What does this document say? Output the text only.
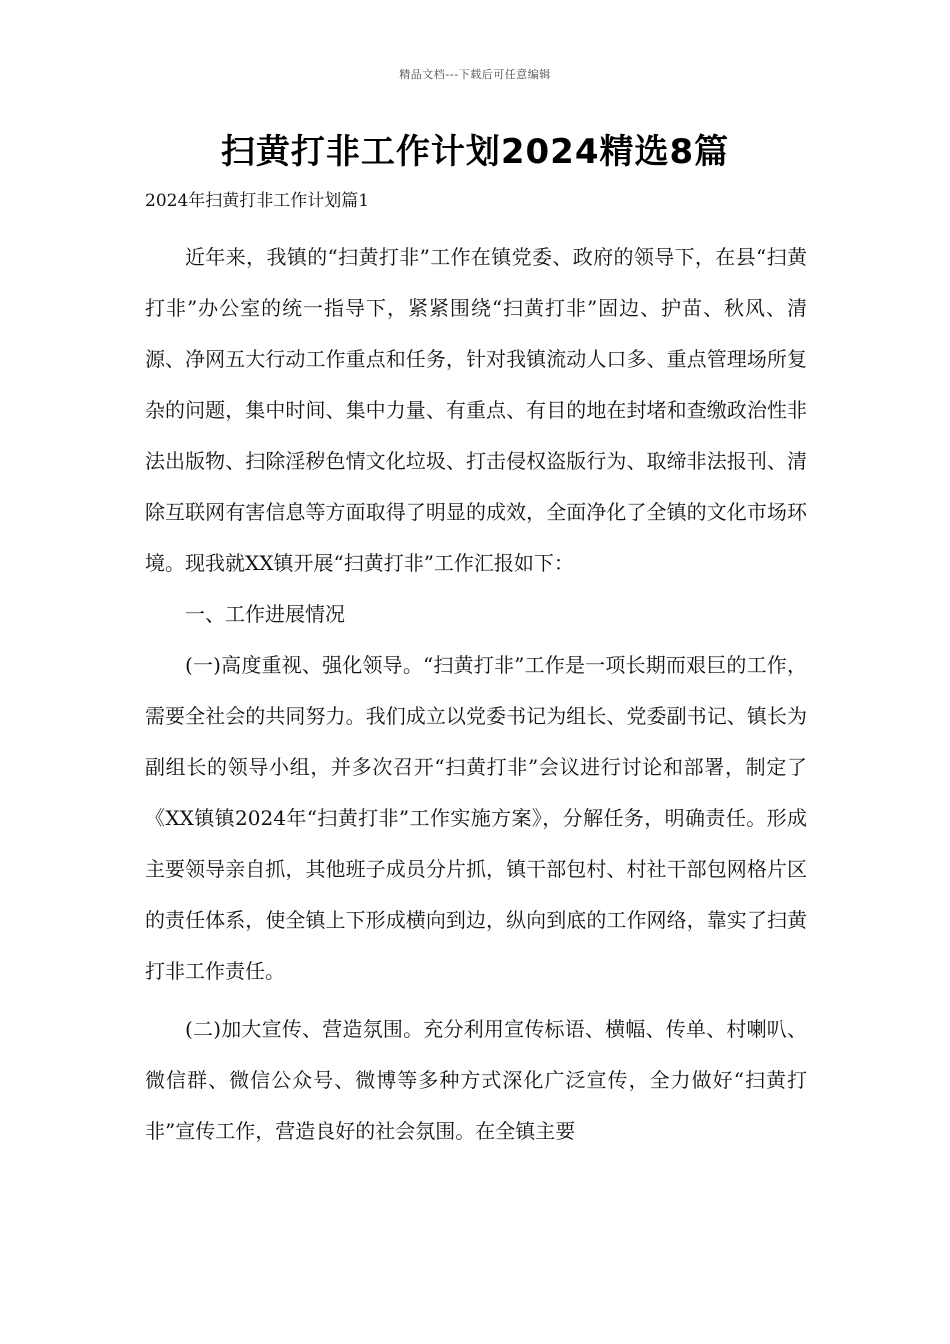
精品文档---下载后可任意编辑
扫黄打非工作计划2024精选8篇
2024年扫黄打非工作计划篇1

近年来，我镇的“扫黄打非”工作在镇党委、政府的领导下，在县“扫黄打非”办公室的统一指导下，紧紧围绕“扫黄打非”固边、护苗、秋风、清源、净网五大行动工作重点和任务，针对我镇流动人口多、重点管理场所复杂的问题，集中时间、集中力量、有重点、有目的地在封堵和查缴政治性非法出版物、扫除淫秽色情文化垃圾、打击侵权盗版行为、取缔非法报刊、清除互联网有害信息等方面取得了明显的成效，全面净化了全镇的文化市场环境。现我就XX镇开展“扫黄打非”工作汇报如下：

一、工作进展情况

(一)高度重视、强化领导。“扫黄打非”工作是一项长期而艰巨的工作，需要全社会的共同努力。我们成立以党委书记为组长、党委副书记、镇长为副组长的领导小组，并多次召开“扫黄打非”会议进行讨论和部署，制定了《XX镇镇2024年“扫黄打非”工作实施方案》，分解任务，明确责任。形成主要领导亲自抓，其他班子成员分片抓，镇干部包村、村社干部包网格片区的责任体系，使全镇上下形成横向到边，纵向到底的工作网络，靠实了扫黄打非工作责任。

(二)加大宣传、营造氛围。充分利用宣传标语、横幅、传单、村喇叭、微信群、微信公众号、微博等多种方式深化广泛宣传，全力做好“扫黄打非”宣传工作，营造良好的社会氛围。在全镇主要
